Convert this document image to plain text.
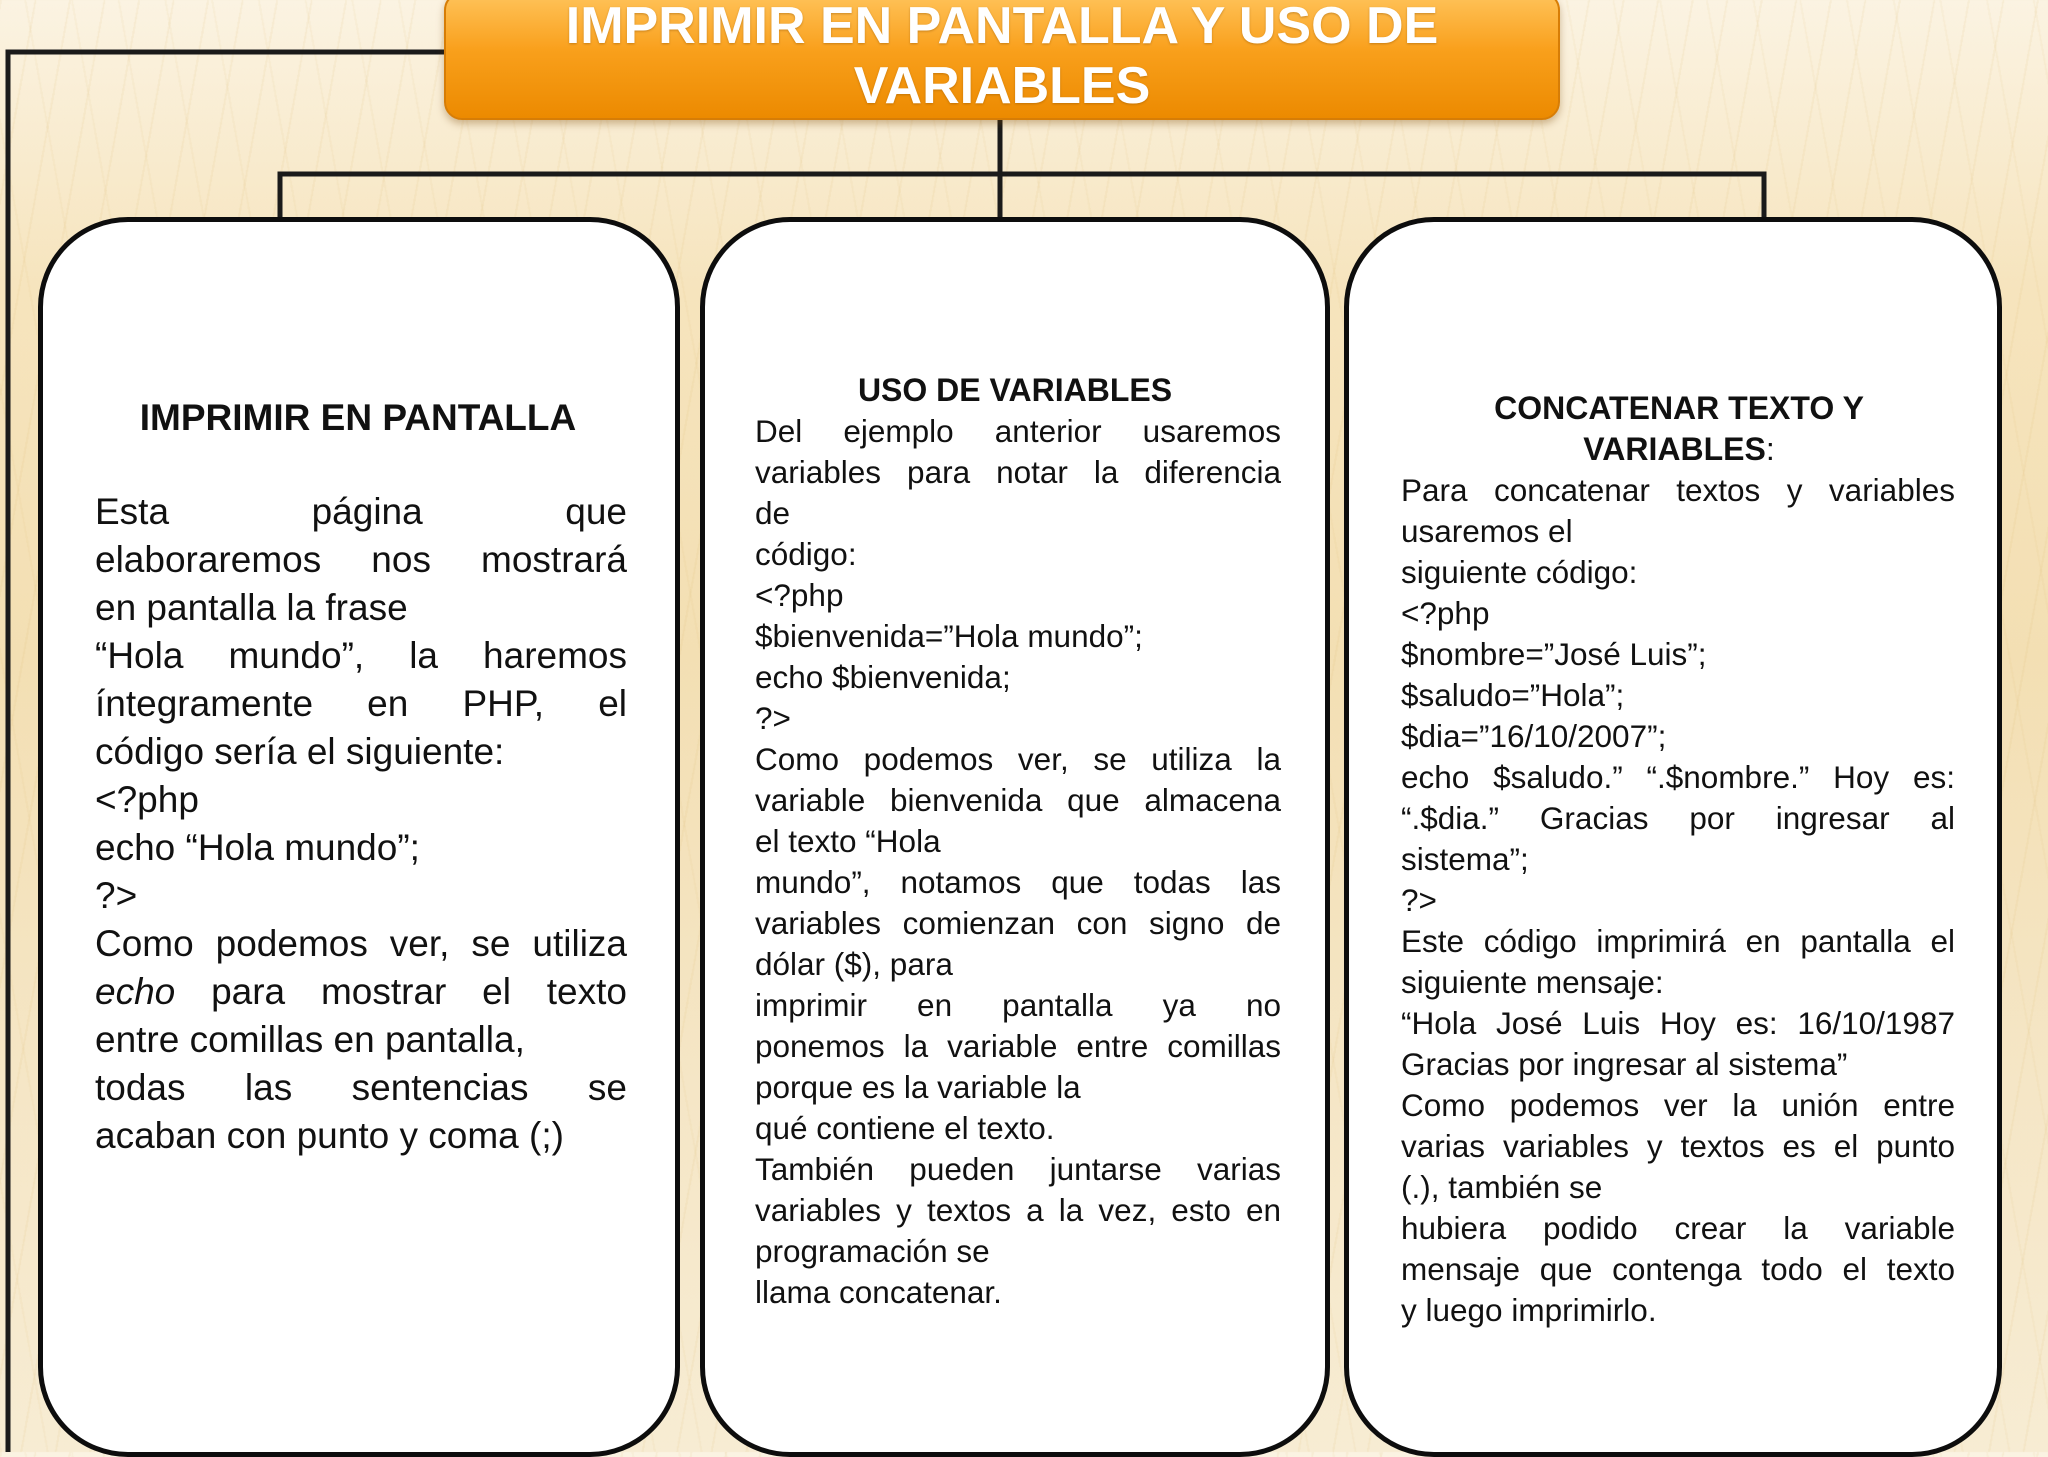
IMPRIMIR EN PANTALLA Y USO DE
VARIABLES
IMPRIMIR EN PANTALLA
Esta página que
elaboraremos nos mostrará
en pantalla la frase
“Hola mundo”, la haremos
íntegramente en PHP, el
código sería el siguiente:
<?php
echo “Hola mundo”;
?>
Como podemos ver, se utiliza
echo para mostrar el texto
entre comillas en pantalla,
todas las sentencias se
acaban con punto y coma (;)
USO DE VARIABLES
Del ejemplo anterior usaremos
variables para notar la diferencia
de
código:
<?php
$bienvenida=”Hola mundo”;
echo $bienvenida;
?>
Como podemos ver, se utiliza la
variable bienvenida que almacena
el texto “Hola
mundo”, notamos que todas las
variables comienzan con signo de
dólar ($), para
imprimir en pantalla ya no
ponemos la variable entre comillas
porque es la variable la
qué contiene el texto.
También pueden juntarse varias
variables y textos a la vez, esto en
programación se
llama concatenar.
CONCATENAR TEXTO Y
VARIABLES:
Para concatenar textos y variables
usaremos el
siguiente código:
<?php
$nombre=”José Luis”;
$saludo=”Hola”;
$dia=”16/10/2007”;
echo $saludo.” “.$nombre.” Hoy es:
“.$dia.” Gracias por ingresar al
sistema”;
?>
Este código imprimirá en pantalla el
siguiente mensaje:
“Hola José Luis Hoy es: 16/10/1987
Gracias por ingresar al sistema”
Como podemos ver la unión entre
varias variables y textos es el punto
(.), también se
hubiera podido crear la variable
mensaje que contenga todo el texto
y luego imprimirlo.
